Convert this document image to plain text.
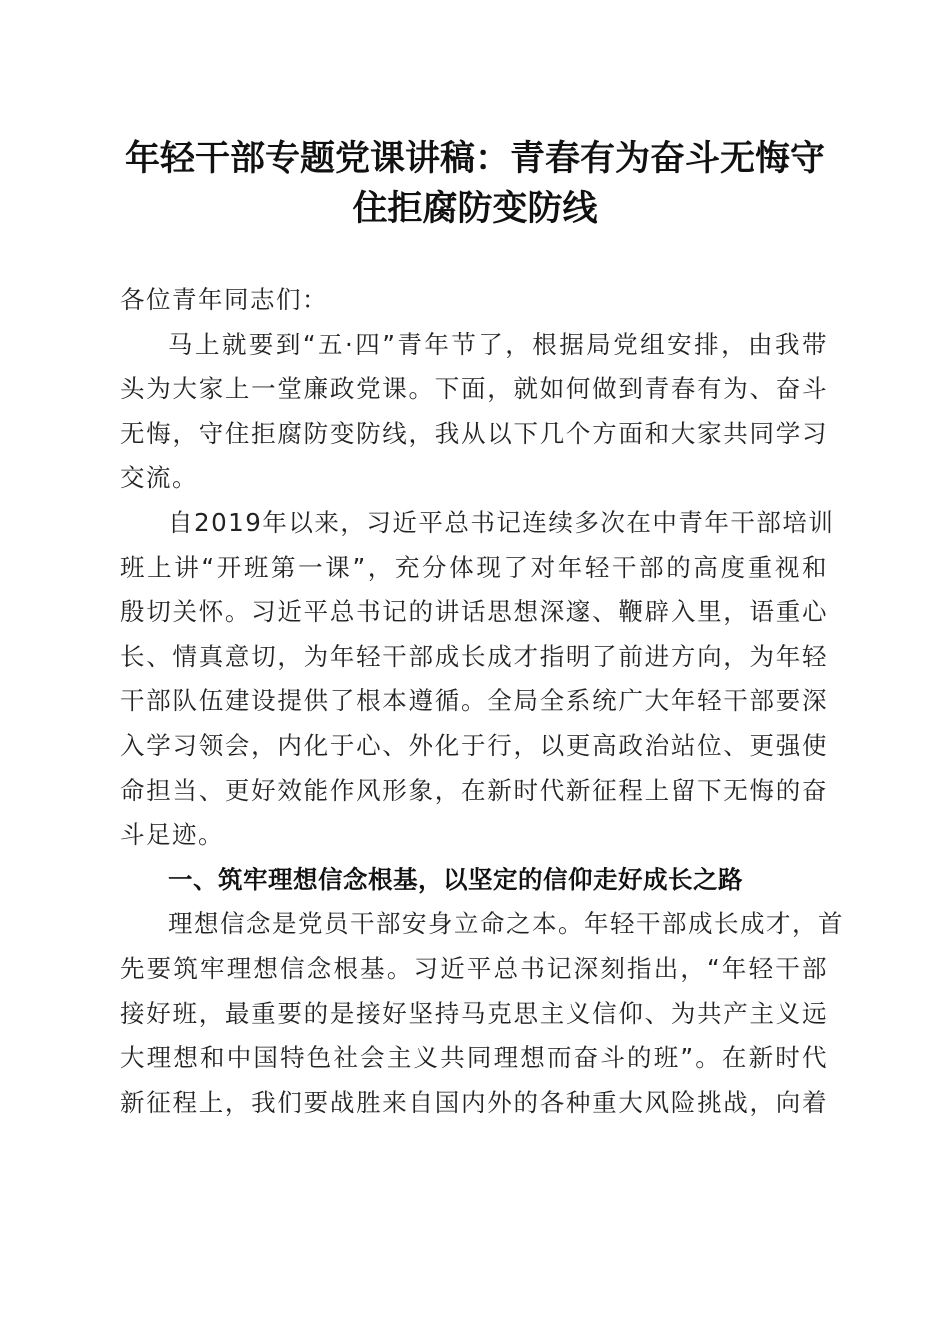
年轻干部专题党课讲稿：青春有为奋斗无悔守
住拒腐防变防线
各位青年同志们：
马上就要到“五·四”青年节了，根据局党组安排，由我带
头为大家上一堂廉政党课。下面，就如何做到青春有为、奋斗
无悔，守住拒腐防变防线，我从以下几个方面和大家共同学习
交流。
自2019年以来，习近平总书记连续多次在中青年干部培训
班上讲“开班第一课”，充分体现了对年轻干部的高度重视和
殷切关怀。习近平总书记的讲话思想深邃、鞭辟入里，语重心
长、情真意切，为年轻干部成长成才指明了前进方向，为年轻
干部队伍建设提供了根本遵循。全局全系统广大年轻干部要深
入学习领会，内化于心、外化于行，以更高政治站位、更强使
命担当、更好效能作风形象，在新时代新征程上留下无悔的奋
斗足迹。
一、筑牢理想信念根基，以坚定的信仰走好成长之路
理想信念是党员干部安身立命之本。年轻干部成长成才，首
先要筑牢理想信念根基。习近平总书记深刻指出，“年轻干部
接好班，最重要的是接好坚持马克思主义信仰、为共产主义远
大理想和中国特色社会主义共同理想而奋斗的班”。在新时代
新征程上，我们要战胜来自国内外的各种重大风险挑战，向着
